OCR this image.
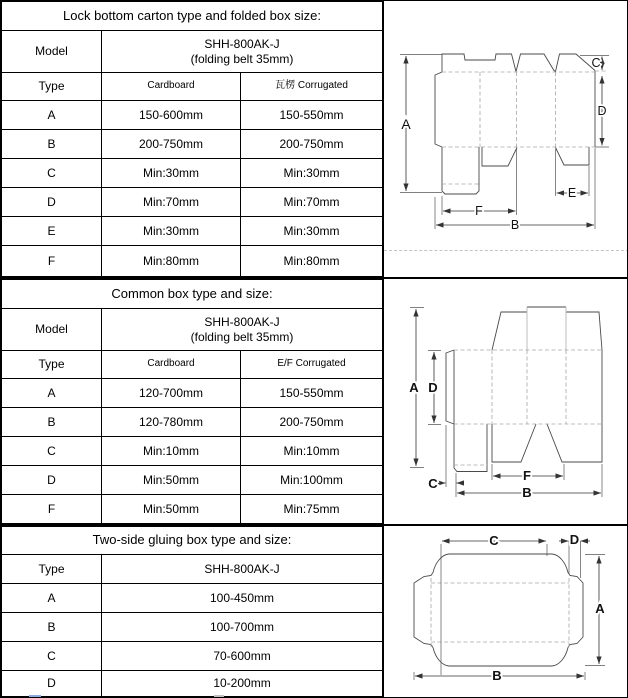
Lock bottom carton type and folded box size:		
Model	SHH-800AK-J
(folding belt 35mm)	

Type	Cardboard	瓦楞 Corrugated
A	150-600mm	150-550mm
B	200-750mm	200-750mm
C	Min:30mm	Min:30mm
D	Min:70mm	Min:70mm
E	Min:30mm	Min:30mm
F	Min:80mm	Min:80mm
A
C
D
E
F
B
Common box type and size:		
Model	SHH-800AK-J
(folding belt 35mm)	

Type	Cardboard	E/F Corrugated
A	120-700mm	150-550mm
B	120-780mm	200-750mm
C	Min:10mm	Min:10mm
D	Min:50mm	Min:100mm
F	Min:50mm	Min:75mm
A D
C
F
B
Two-side gluing box type and size:	
Type	SHH-800AK-J
A	100-450mm
B	100-700mm
C	70-600mm
D	10-200mm
C	D
A
B
